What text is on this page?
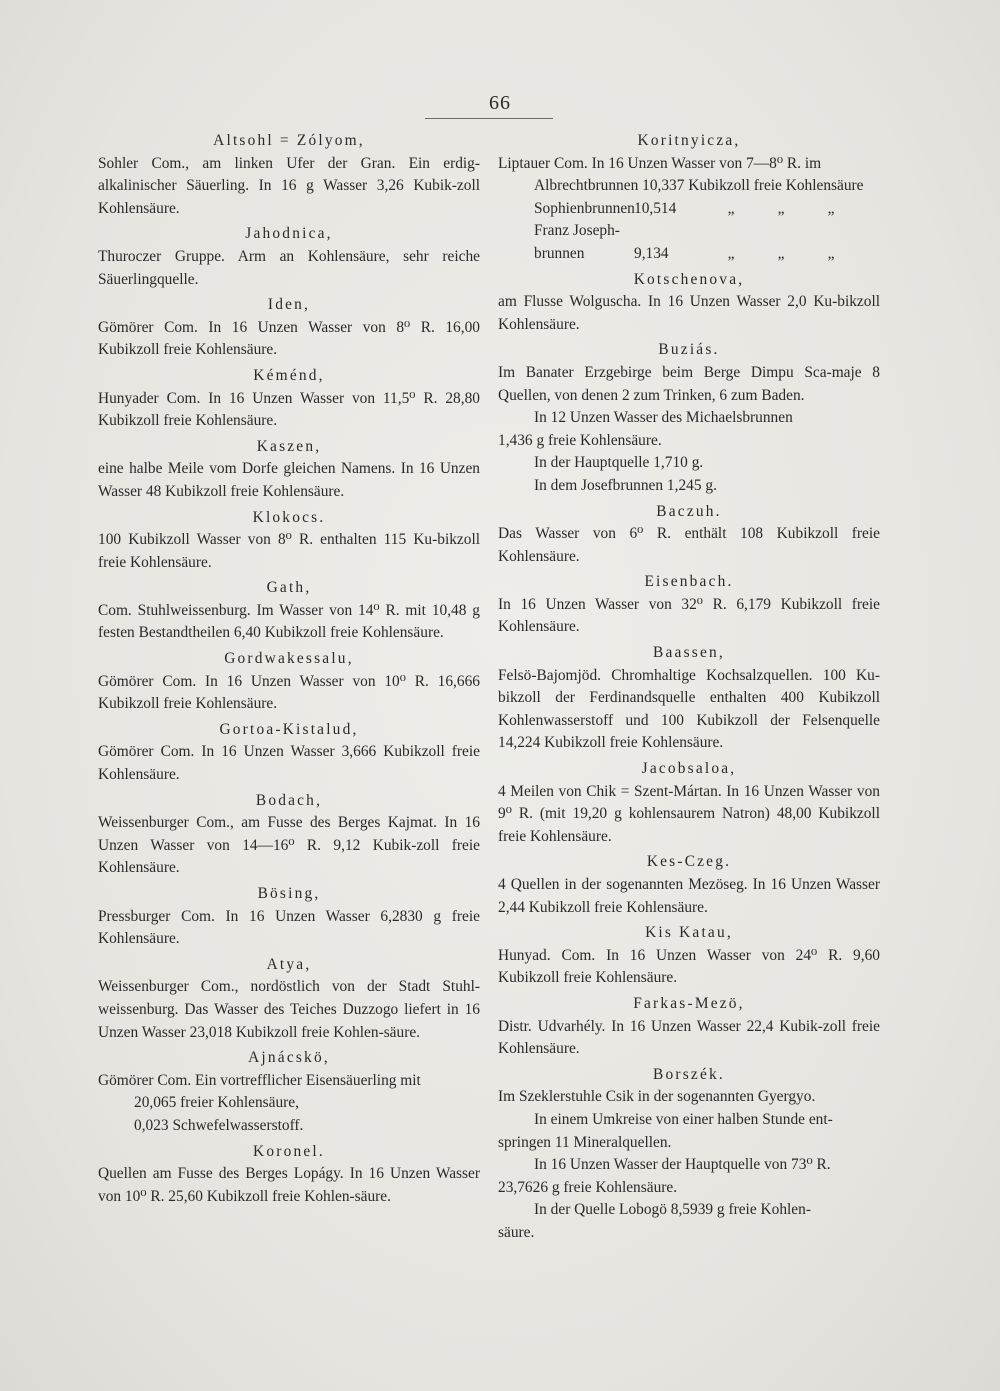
66
Altsohl = Zólyom,
Sohler Com., am linken Ufer der Gran. Ein erdig-alkalinischer Säuerling. In 16 g Wasser 3,26 Kubik-zoll Kohlensäure.
Jahodnica,
Thuroczer Gruppe. Arm an Kohlensäure, sehr reiche Säuerlingquelle.
Iden,
Gömörer Com. In 16 Unzen Wasser von 8⁰ R. 16,00 Kubikzoll freie Kohlensäure.
Kéménd,
Hunyader Com. In 16 Unzen Wasser von 11,5⁰ R. 28,80 Kubikzoll freie Kohlensäure.
Kaszen,
eine halbe Meile vom Dorfe gleichen Namens. In 16 Unzen Wasser 48 Kubikzoll freie Kohlensäure.
Klokocs.
100 Kubikzoll Wasser von 8⁰ R. enthalten 115 Ku-bikzoll freie Kohlensäure.
Gath,
Com. Stuhlweissenburg. Im Wasser von 14⁰ R. mit 10,48 g festen Bestandtheilen 6,40 Kubikzoll freie Kohlensäure.
Gordwakessalu,
Gömörer Com. In 16 Unzen Wasser von 10⁰ R. 16,666 Kubikzoll freie Kohlensäure.
Gortoa-Kistalud,
Gömörer Com. In 16 Unzen Wasser 3,666 Kubikzoll freie Kohlensäure.
Bodach,
Weissenburger Com., am Fusse des Berges Kajmat. In 16 Unzen Wasser von 14—16⁰ R. 9,12 Kubik-zoll freie Kohlensäure.
Bösing,
Pressburger Com. In 16 Unzen Wasser 6,2830 g freie Kohlensäure.
Atya,
Weissenburger Com., nordöstlich von der Stadt Stuhl-weissenburg. Das Wasser des Teiches Duzzogo liefert in 16 Unzen Wasser 23,018 Kubikzoll freie Kohlen-säure.
Ajnácskö,
Gömörer Com. Ein vortrefflicher Eisensäuerling mit
20,065 freier Kohlensäure,
0,023 Schwefelwasserstoff.
Koronel.
Quellen am Fusse des Berges Lopágy. In 16 Unzen Wasser von 10⁰ R. 25,60 Kubikzoll freie Kohlen-säure.
Koritnyicza,
Liptauer Com. In 16 Unzen Wasser von 7—8⁰ R. im
Albrechtbrunnen 10,337 Kubikzoll freie Kohlensäure
Sophienbrunnen 10,514	„	„	„
Franz Joseph-
brunnen	9,134	„	„	„
Kotschenova,
am Flusse Wolguscha. In 16 Unzen Wasser 2,0 Ku-bikzoll Kohlensäure.
Buziás.
Im Banater Erzgebirge beim Berge Dimpu Sca-maje 8 Quellen, von denen 2 zum Trinken, 6 zum Baden.
In 12 Unzen Wasser des Michaelsbrunnen
1,436 g freie Kohlensäure.
In der Hauptquelle 1,710 g.
In dem Josefbrunnen 1,245 g.
Baczuh.
Das Wasser von 6⁰ R. enthält 108 Kubikzoll freie Kohlensäure.
Eisenbach.
In 16 Unzen Wasser von 32⁰ R. 6,179 Kubikzoll freie Kohlensäure.
Baassen,
Felsö-Bajomjöd. Chromhaltige Kochsalzquellen. 100 Ku-bikzoll der Ferdinandsquelle enthalten 400 Kubikzoll Kohlenwasserstoff und 100 Kubikzoll der Felsenquelle 14,224 Kubikzoll freie Kohlensäure.
Jacobsaloa,
4 Meilen von Chik = Szent-Mártan. In 16 Unzen Wasser von 9⁰ R. (mit 19,20 g kohlensaurem Natron) 48,00 Kubikzoll freie Kohlensäure.
Kes-Czeg.
4 Quellen in der sogenannten Mezöseg. In 16 Unzen Wasser 2,44 Kubikzoll freie Kohlensäure.
Kis Katau,
Hunyad. Com. In 16 Unzen Wasser von 24⁰ R. 9,60 Kubikzoll freie Kohlensäure.
Farkas-Mezö,
Distr. Udvarhély. In 16 Unzen Wasser 22,4 Kubik-zoll freie Kohlensäure.
Borszék.
Im Szeklerstuhle Csik in der sogenannten Gyergyo.
In einem Umkreise von einer halben Stunde ent-
springen 11 Mineralquellen.
In 16 Unzen Wasser der Hauptquelle von 73⁰ R.
23,7626 g freie Kohlensäure.
In der Quelle Lobogö 8,5939 g freie Kohlen-
säure.
